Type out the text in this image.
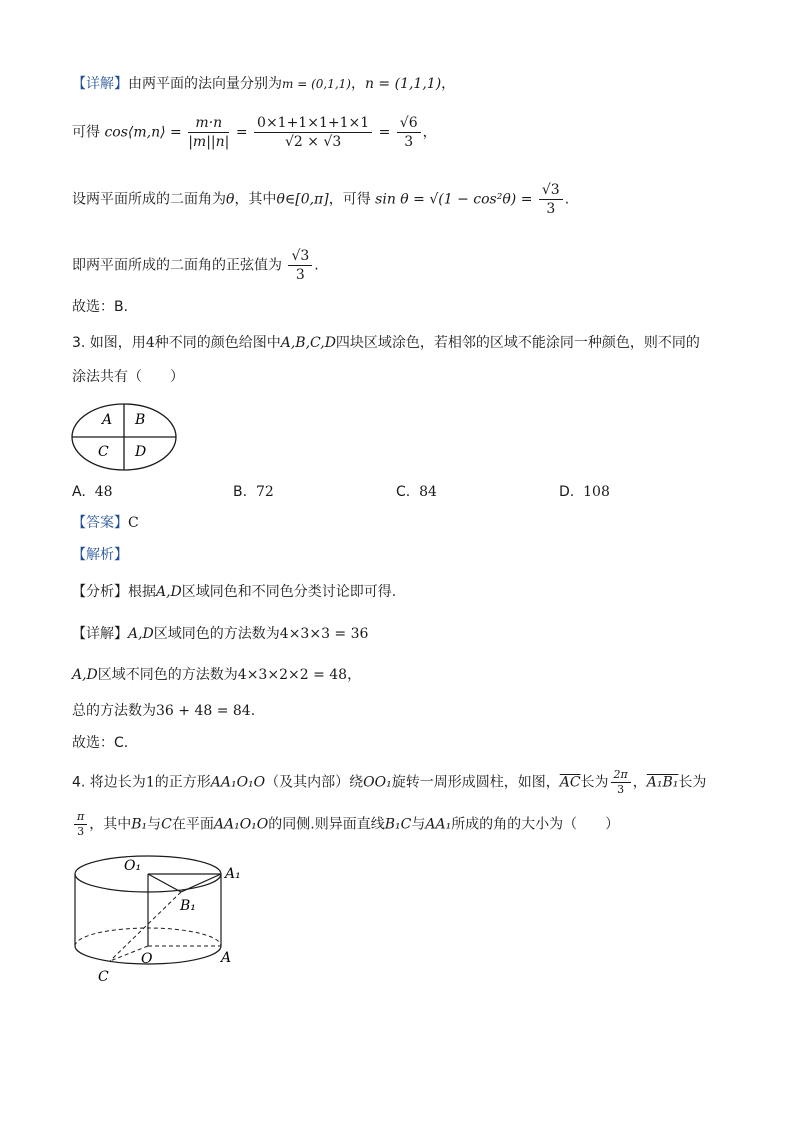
【详解】由两平面的法向量分别为m = (0,1,1)，n = (1,1,1)，
可得 cos⟨m,n⟩ = $\frac{m\cdot n}{|m||n|} = \frac{0\times 1+1\times 1+1\times 1}{√2 \times √3} = \frac{√6}{3}$ ，
设两平面所成的二面角为θ，其中θ∈[0,π]，可得 $\sin \theta = √(1 - \cos^2\theta) = \frac{√3}{3}$ .
即两平面所成的二面角的正弦值为 $\frac{√3}{3}$ .
故选：B.
3. 如图，用4种不同的颜色给图中A,B,C,D四块区域涂色，若相邻的区域不能涂同一种颜色，则不同的
涂法共有（　　）
A B
C D
A. 48	B. 72	C. 84	D. 108
【答案】C
【解析】
【分析】根据A,D区域同色和不同色分类讨论即可得.
【详解】A,D区域同色的方法数为4×3×3 = 36
A,D区域不同色的方法数为4×3×2×2 = 48，
总的方法数为36 + 48 = 84.
故选：C.
4. 将边长为1的正方形AA₁O₁O（及其内部）绕OO₁旋转一周形成圆柱，如图，$\overline{AC}$长为 $\frac{2\pi}{3}$ ，A₁B₁长为
$\frac{\pi}{3}$ ，其中B₁与C在平面AA₁O₁O的同侧.则异面直线B₁C与AA₁所成的角的大小为（　　）
O₁	A₁
B₁
O	A
C
